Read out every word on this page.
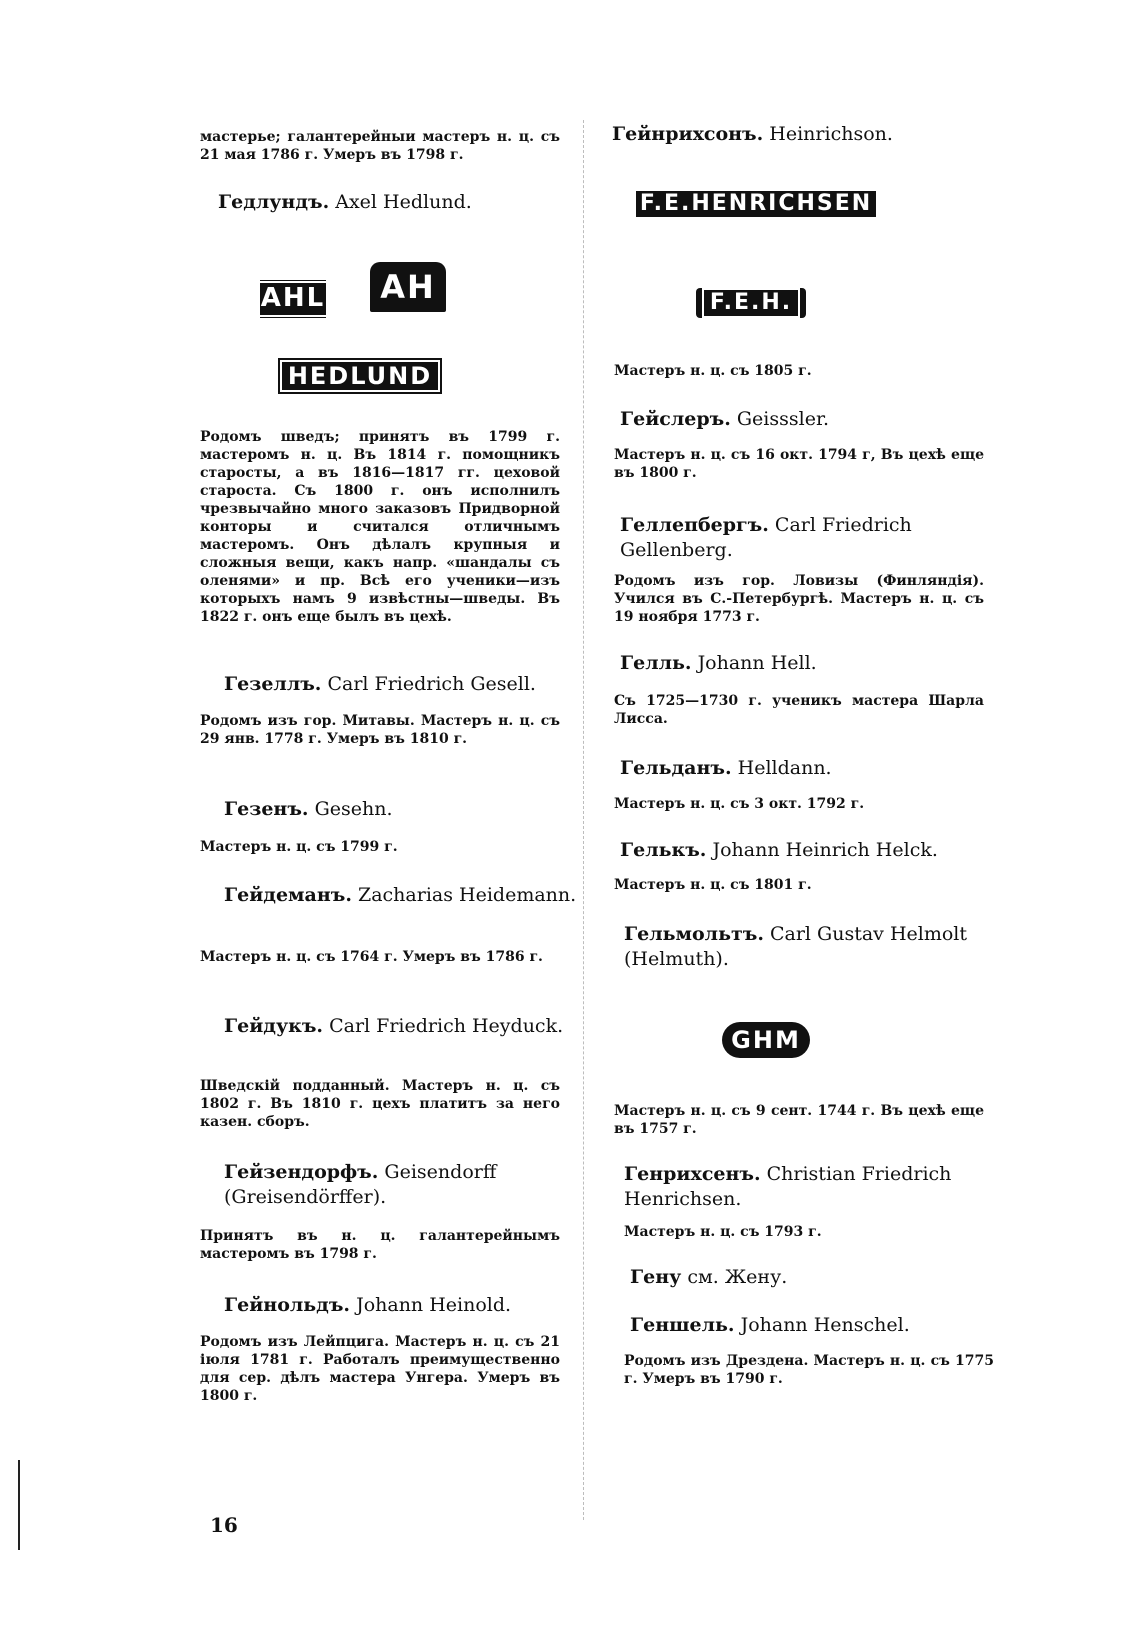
мастерье; галантерейныи мастеръ н. ц. съ 21 мая 1786 г. Умеръ въ 1798 г.
Гедлундъ. Axel Hedlund.
AHL AH
HEDLUND
Родомъ шведъ; принятъ въ 1799 г. мастеромъ н. ц. Въ 1814 г. помощникъ старосты, а въ 1816—1817 гг. цеховой староста. Съ 1800 г. онъ исполнилъ чрезвычайно много заказовъ Придворной конторы и считался отличнымъ мастеромъ. Онъ дѣлалъ крупныя и сложныя вещи, какъ напр. «шандалы съ оленями» и пр. Всѣ его ученики—изъ которыхъ намъ 9 извѣстны—шведы. Въ 1822 г. онъ еще былъ въ цехѣ.
Гезеллъ. Carl Friedrich Gesell.
Родомъ изъ гор. Митавы. Мастеръ н. ц. съ 29 янв. 1778 г. Умеръ въ 1810 г.
Гезенъ. Gesehn.
Мастеръ н. ц. съ 1799 г.
Гейдеманъ. Zacharias Heidemann.
Мастеръ н. ц. съ 1764 г. Умеръ въ 1786 г.
Гейдукъ. Carl Friedrich Heyduck.
Шведскiй подданный. Мастеръ н. ц. съ 1802 г. Въ 1810 г. цехъ платитъ за него казен. сборъ.
Гейзендорфъ. Geisendorff (Greisendörffer).
Принятъ въ н. ц. галантерейнымъ мастеромъ въ 1798 г.
Гейнольдъ. Johann Heinold.
Родомъ изъ Лейпцига. Мастеръ н. ц. съ 21 iюля 1781 г. Работалъ преимущественно для сер. дѣлъ мастера Унгера. Умеръ въ 1800 г.
Гейнрихсонъ. Heinrichson.
F.E.HENRICHSEN
F.E.H.
Мастеръ н. ц. съ 1805 г.
Гейслеръ. Geisssler.
Мастеръ н. ц. съ 16 окт. 1794 г, Въ цехѣ еще въ 1800 г.
Геллепбергъ. Carl Friedrich Gellenberg.
Родомъ изъ гор. Ловизы (Финляндiя). Учился въ С.-Петербургѣ. Мастеръ н. ц. съ 19 ноября 1773 г.
Гелль. Johann Hell.
Съ 1725—1730 г. ученикъ мастера Шарла Лисса.
Гельданъ. Helldann.
Мастеръ н. ц. съ 3 окт. 1792 г.
Гелькъ. Johann Heinrich Helck.
Мастеръ н. ц. съ 1801 г.
Гельмольтъ. Carl Gustav Helmolt (Helmuth).
GHM
Мастеръ н. ц. съ 9 сент. 1744 г. Въ цехѣ еще въ 1757 г.
Генрихсенъ. Christian Friedrich Henrichsen.
Мастеръ н. ц. съ 1793 г.
Гену см. Жену.
Геншель. Johann Henschel.
Родомъ изъ Дрездена. Мастеръ н. ц. съ 1775 г. Умеръ въ 1790 г.
16
